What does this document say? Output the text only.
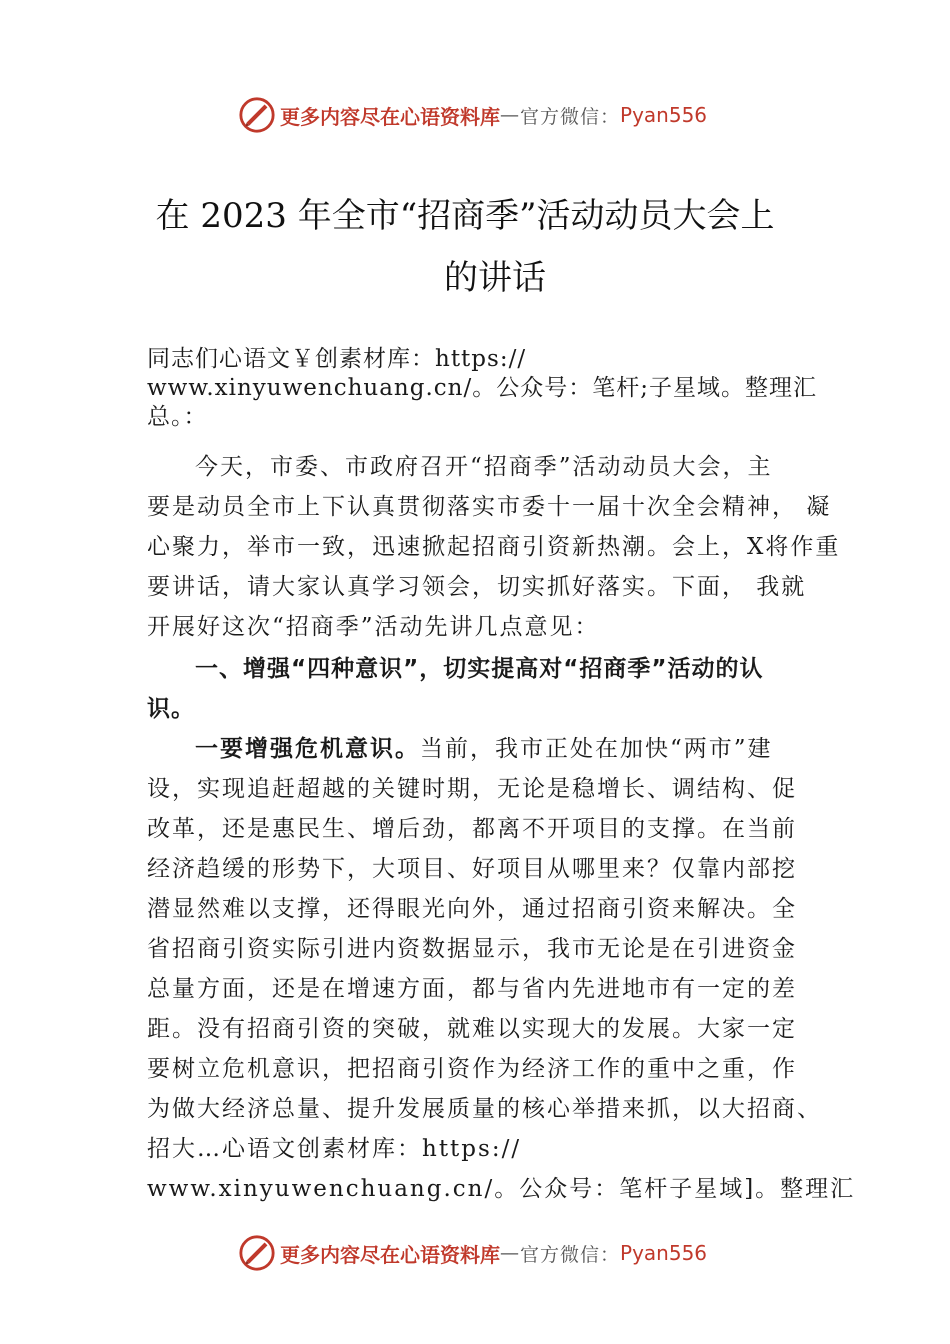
更多内容尽在心语资料库 — 官方微信： Pyan556
在 2023 年全市“招商季”活动动员大会上
的讲话
同志们心语文￥创素材库：https://
www.xinyuwenchuang.cn/。公众号：笔杆;子星域。整理汇
总。：
今天，市委、市政府召开“招商季”活动动员大会，主
要是动员全市上下认真贯彻落实市委十一届十次全会精神， 凝
心聚力，举市一致，迅速掀起招商引资新热潮。会上，X将作重
要讲话，请大家认真学习领会，切实抓好落实。下面， 我就
开展好这次“招商季”活动先讲几点意见：
一、增强“四种意识”，切实提高对“招商季”活动的认
识。
一要增强危机意识。当前，我市正处在加快“两市”建
设，实现追赶超越的关键时期，无论是稳增长、调结构、促
改革，还是惠民生、增后劲，都离不开项目的支撑。在当前
经济趋缓的形势下，大项目、好项目从哪里来？仅靠内部挖
潜显然难以支撑，还得眼光向外，通过招商引资来解决。全
省招商引资实际引进内资数据显示，我市无论是在引进资金
总量方面，还是在增速方面，都与省内先进地市有一定的差
距。没有招商引资的突破，就难以实现大的发展。大家一定
要树立危机意识，把招商引资作为经济工作的重中之重，作
为做大经济总量、提升发展质量的核心举措来抓，以大招商、
招大…心语文创素材库：https://
www.xinyuwenchuang.cn/。公众号：笔杆子星域]。整理汇
更多内容尽在心语资料库 — 官方微信： Pyan556
